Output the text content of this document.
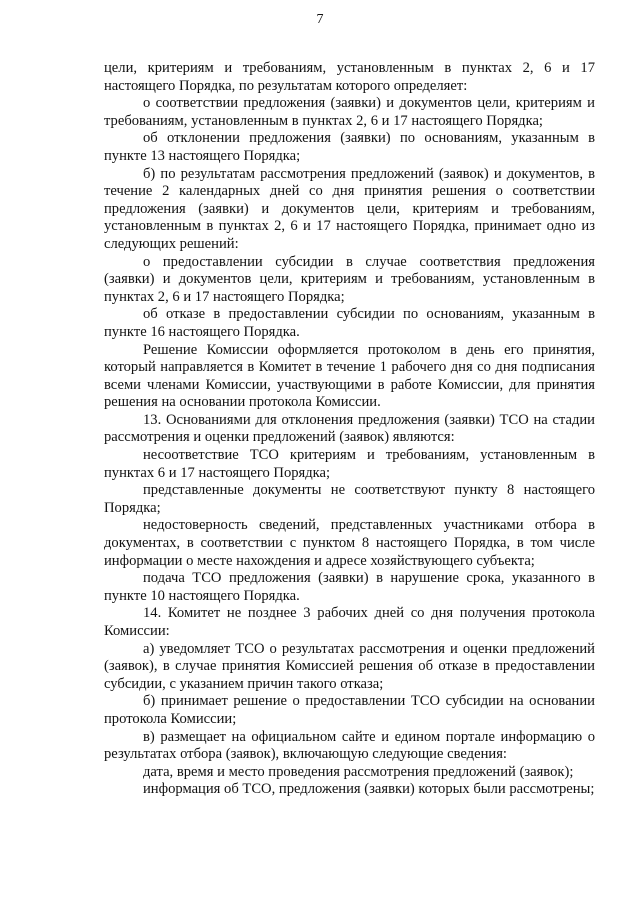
7

цели, критериям и требованиям, установленным в пунктах 2, 6 и 17 настоящего Порядка, по результатам которого определяет:

о соответствии предложения (заявки) и документов цели, критериям и требованиям, установленным в пунктах 2, 6 и 17 настоящего Порядка;

об отклонении предложения (заявки) по основаниям, указанным в пункте 13 настоящего Порядка;

б) по результатам рассмотрения предложений (заявок) и документов, в течение 2 календарных дней со дня принятия решения о соответствии предложения (заявки) и документов цели, критериям и требованиям, установленным в пунктах 2, 6 и 17 настоящего Порядка, принимает одно из следующих решений:

о предоставлении субсидии в случае соответствия предложения (заявки) и документов цели, критериям и требованиям, установленным в пунктах 2, 6 и 17 настоящего Порядка;

об отказе в предоставлении субсидии по основаниям, указанным в пункте 16 настоящего Порядка.

Решение Комиссии оформляется протоколом в день его принятия, который направляется в Комитет в течение 1 рабочего дня со дня подписания всеми членами Комиссии, участвующими в работе Комиссии, для принятия решения на основании протокола Комиссии.

13. Основаниями для отклонения предложения (заявки) ТСО на стадии рассмотрения и оценки предложений (заявок) являются:

несоответствие ТСО критериям и требованиям, установленным в пунктах 6 и 17 настоящего Порядка;

представленные документы не соответствуют пункту 8 настоящего Порядка;

недостоверность сведений, представленных участниками отбора в документах, в соответствии с пунктом 8 настоящего Порядка, в том числе информации о месте нахождения и адресе хозяйствующего субъекта;

подача ТСО предложения (заявки) в нарушение срока, указанного в пункте 10 настоящего Порядка.

14. Комитет не позднее 3 рабочих дней со дня получения протокола Комиссии:

а) уведомляет ТСО о результатах рассмотрения и оценки предложений (заявок), в случае принятия Комиссией решения об отказе в предоставлении субсидии, с указанием причин такого отказа;

б) принимает решение о предоставлении ТСО субсидии на основании протокола Комиссии;

в) размещает на официальном сайте и едином портале информацию о результатах отбора (заявок), включающую следующие сведения:

дата, время и место проведения рассмотрения предложений (заявок);

информация об ТСО, предложения (заявки) которых были рассмотрены;
